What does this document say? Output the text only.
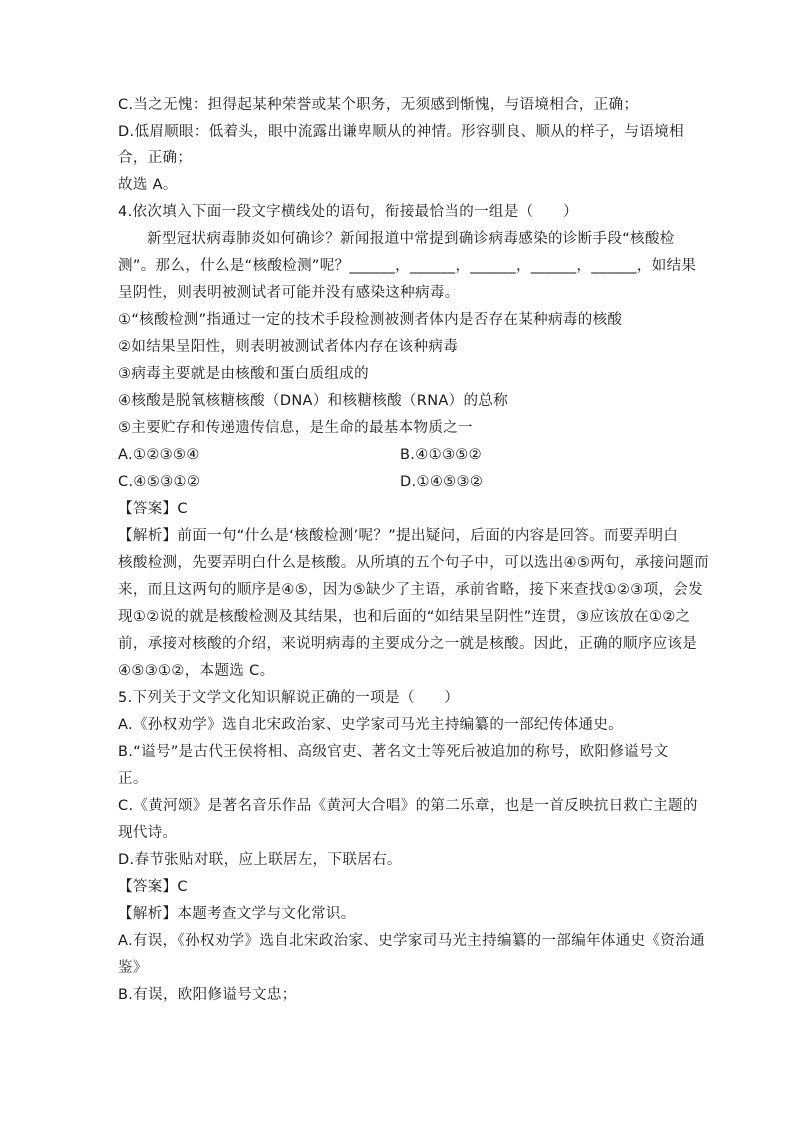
C.当之无愧：担得起某种荣誉或某个职务，无须感到惭愧，与语境相合，正确；
D.低眉顺眼：低着头，眼中流露出谦卑顺从的神情。形容驯良、顺从的样子，与语境相
合，正确；
故选 A。
4.依次填入下面一段文字横线处的语句，衔接最恰当的一组是（　　）
新型冠状病毒肺炎如何确诊？新闻报道中常提到确诊病毒感染的诊断手段“核酸检
测”。那么，什么是“核酸检测”呢？______，______，______，______，______，如结果
呈阴性，则表明被测试者可能并没有感染这种病毒。
①“核酸检测”指通过一定的技术手段检测被测者体内是否存在某种病毒的核酸
②如结果呈阳性，则表明被测试者体内存在该种病毒
③病毒主要就是由核酸和蛋白质组成的
④核酸是脱氧核糖核酸（DNA）和核糖核酸（RNA）的总称
⑤主要贮存和传递遗传信息，是生命的最基本物质之一
A.①②③⑤④	B.④①③⑤②
C.④⑤③①②	D.①④⑤③②
【答案】C
【解析】前面一句“什么是‘核酸检测’呢？”提出疑问，后面的内容是回答。而要弄明白
核酸检测，先要弄明白什么是核酸。从所填的五个句子中，可以选出④⑤两句，承接问题而
来，而且这两句的顺序是④⑤，因为⑤缺少了主语，承前省略，接下来查找①②③项，会发
现①②说的就是核酸检测及其结果，也和后面的“如结果呈阴性”连贯，③应该放在①②之
前，承接对核酸的介绍，来说明病毒的主要成分之一就是核酸。因此，正确的顺序应该是
④⑤③①②，本题选 C。
5.下列关于文学文化知识解说正确的一项是（　　）
A.《孙权劝学》选自北宋政治家、史学家司马光主持编纂的一部纪传体通史。
B.“谥号”是古代王侯将相、高级官吏、著名文士等死后被追加的称号，欧阳修谥号文
正。
C.《黄河颂》是著名音乐作品《黄河大合唱》的第二乐章，也是一首反映抗日救亡主题的
现代诗。
D.春节张贴对联，应上联居左，下联居右。
【答案】C
【解析】本题考查文学与文化常识。
A.有误，《孙权劝学》选自北宋政治家、史学家司马光主持编纂的一部编年体通史《资治通
鉴》
B.有误，欧阳修谥号文忠；
